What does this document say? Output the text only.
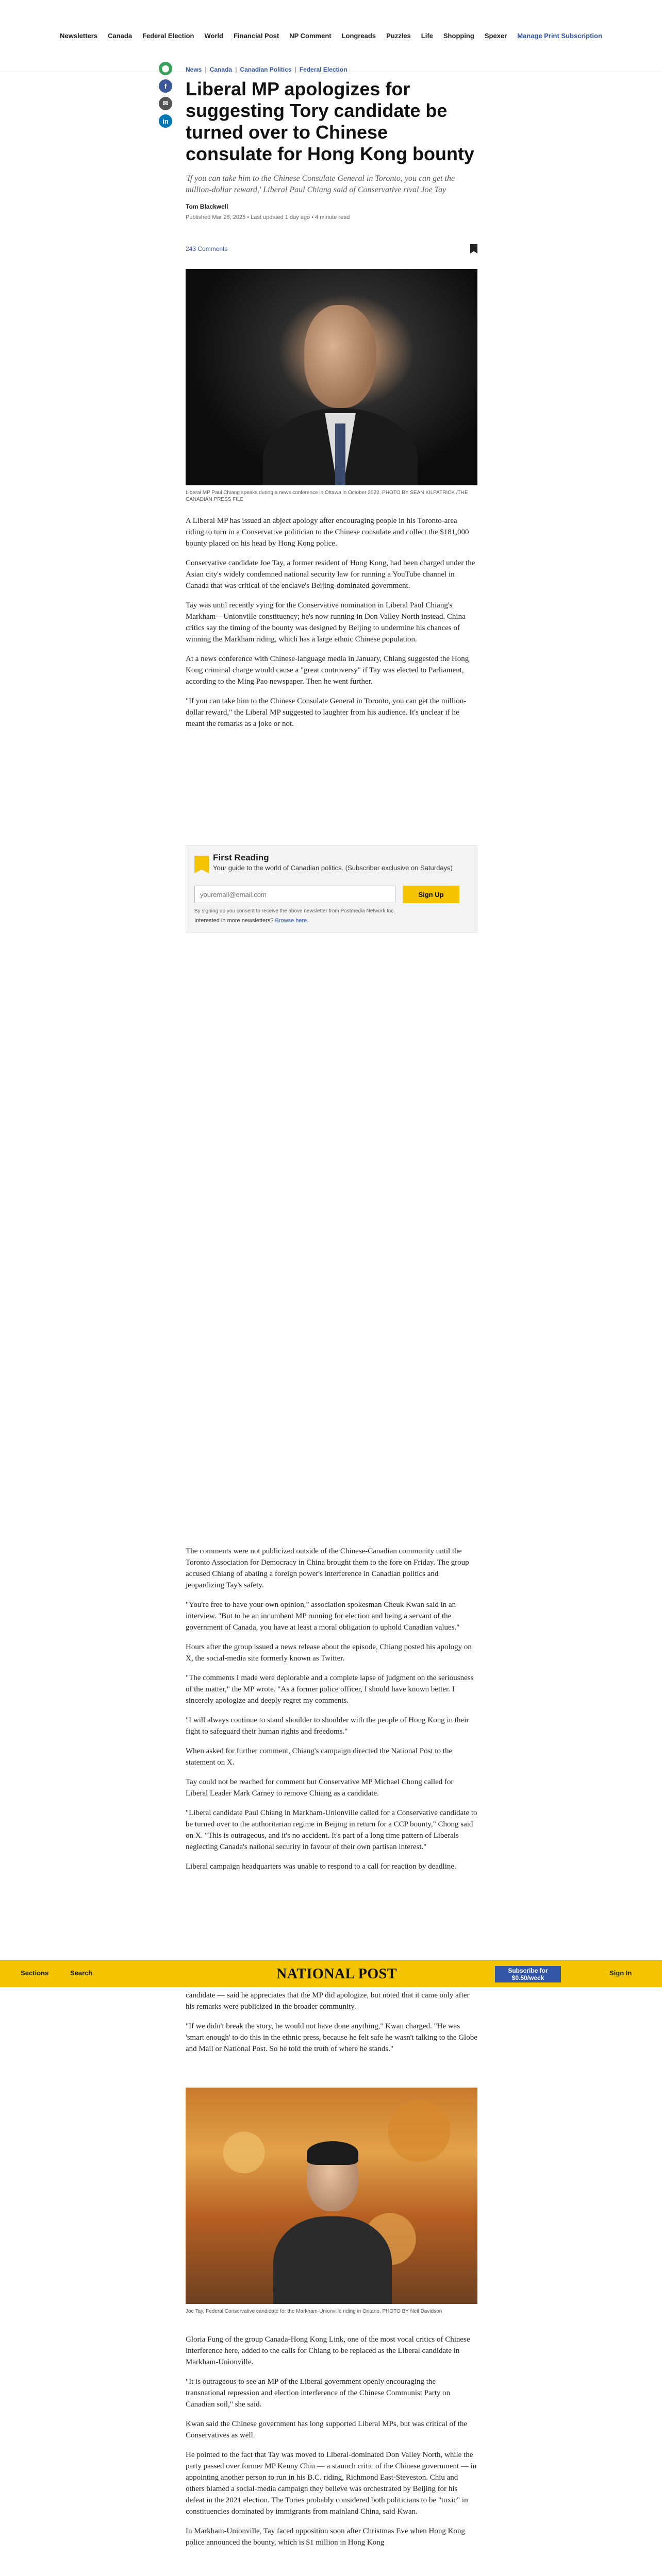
Newsletters Canada Federal Election World Financial Post NP Comment Longreads Puzzles Life Shopping Spexer Manage Print Subscription
⬤
f
✉
in
News | Canada | Canadian Politics | Federal Election
Liberal MP apologizes for suggesting Tory candidate be turned over to Chinese consulate for Hong Kong bounty

'If you can take him to the Chinese Consulate General in Toronto, you can get the million-dollar reward,' Liberal Paul Chiang said of Conservative rival Joe Tay

Tom Blackwell
Published Mar 28, 2025 • Last updated 1 day ago • 4 minute read
243 Comments
Liberal MP Paul Chiang speaks during a news conference in Ottawa in October 2022. PHOTO BY SEAN KILPATRICK /THE CANADIAN PRESS FILE

A Liberal MP has issued an abject apology after encouraging people in his Toronto-area riding to turn in a Conservative politician to the Chinese consulate and collect the $181,000 bounty placed on his head by Hong Kong police.

Conservative candidate Joe Tay, a former resident of Hong Kong, had been charged under the Asian city's widely condemned national security law for running a YouTube channel in Canada that was critical of the enclave's Beijing-dominated government.

Tay was until recently vying for the Conservative nomination in Liberal Paul Chiang's Markham—Unionville constituency; he's now running in Don Valley North instead. China critics say the timing of the bounty was designed by Beijing to undermine his chances of winning the Markham riding, which has a large ethnic Chinese population.

At a news conference with Chinese-language media in January, Chiang suggested the Hong Kong criminal charge would cause a "great controversy" if Tay was elected to Parliament, according to the Ming Pao newspaper. Then he went further.

"If you can take him to the Chinese Consulate General in Toronto, you can get the million-dollar reward," the Liberal MP suggested to laughter from his audience. It's unclear if he meant the remarks as a joke or not.

First Reading
Your guide to the world of Canadian politics. (Subscriber exclusive on Saturdays)
youremail@email.com
Sign Up
By signing up you consent to receive the above newsletter from Postmedia Network Inc.
Interested in more newsletters? Browse here.

The comments were not publicized outside of the Chinese-Canadian community until the Toronto Association for Democracy in China brought them to the fore on Friday. The group accused Chiang of abating a foreign power's interference in Canadian politics and jeopardizing Tay's safety.

"You're free to have your own opinion," association spokesman Cheuk Kwan said in an interview. "But to be an incumbent MP running for election and being a servant of the government of Canada, you have at least a moral obligation to uphold Canadian values."

Hours after the group issued a news release about the episode, Chiang posted his apology on X, the social-media site formerly known as Twitter.

"The comments I made were deplorable and a complete lapse of judgment on the seriousness of the matter," the MP wrote. "As a former police officer, I should have known better. I sincerely apologize and deeply regret my comments.

"I will always continue to stand shoulder to shoulder with the people of Hong Kong in their fight to safeguard their human rights and freedoms."

When asked for further comment, Chiang's campaign directed the National Post to the statement on X.

Tay could not be reached for comment but Conservative MP Michael Chong called for Liberal Leader Mark Carney to remove Chiang as a candidate.

"Liberal candidate Paul Chiang in Markham-Unionville called for a Conservative candidate to be turned over to the authoritarian regime in Beijing in return for a CCP bounty," Chong said on X. "This is outrageous, and it's no accident. It's part of a long time pattern of Liberals neglecting Canada's national security in favour of their own partisan interest."

Liberal campaign headquarters was unable to respond to a call for reaction by deadline.

Sections	Search	NATIONAL POST	Subscribe for $0.50/week
Sign In

candidate — said he appreciates that the MP did apologize, but noted that it came only after his remarks were publicized in the broader community.

"If we didn't break the story, he would not have done anything," Kwan charged. "He was 'smart enough' to do this in the ethnic press, because he felt safe he wasn't talking to the Globe and Mail or National Post. So he told the truth of where he stands."

Joe Tay, Federal Conservative candidate for the Markham-Unionville riding in Ontario. PHOTO BY Neil Davidson

Gloria Fung of the group Canada-Hong Kong Link, one of the most vocal critics of Chinese interference here, added to the calls for Chiang to be replaced as the Liberal candidate in Markham-Unionville.

"It is outrageous to see an MP of the Liberal government openly encouraging the transnational repression and election interference of the Chinese Communist Party on Canadian soil," she said.

Kwan said the Chinese government has long supported Liberal MPs, but was critical of the Conservatives as well.

He pointed to the fact that Tay was moved to Liberal-dominated Don Valley North, while the party passed over former MP Kenny Chiu — a staunch critic of the Chinese government — in appointing another person to run in his B.C. riding, Richmond East-Steveston. Chiu and others blamed a social-media campaign they believe was orchestrated by Beijing for his defeat in the 2021 election. The Tories probably considered both politicians to be "toxic" in constituencies dominated by immigrants from mainland China, said Kwan.

In Markham-Unionville, Tay faced opposition soon after Christmas Eve when Hong Kong police announced the bounty, which is $1 million in Hong Kong
